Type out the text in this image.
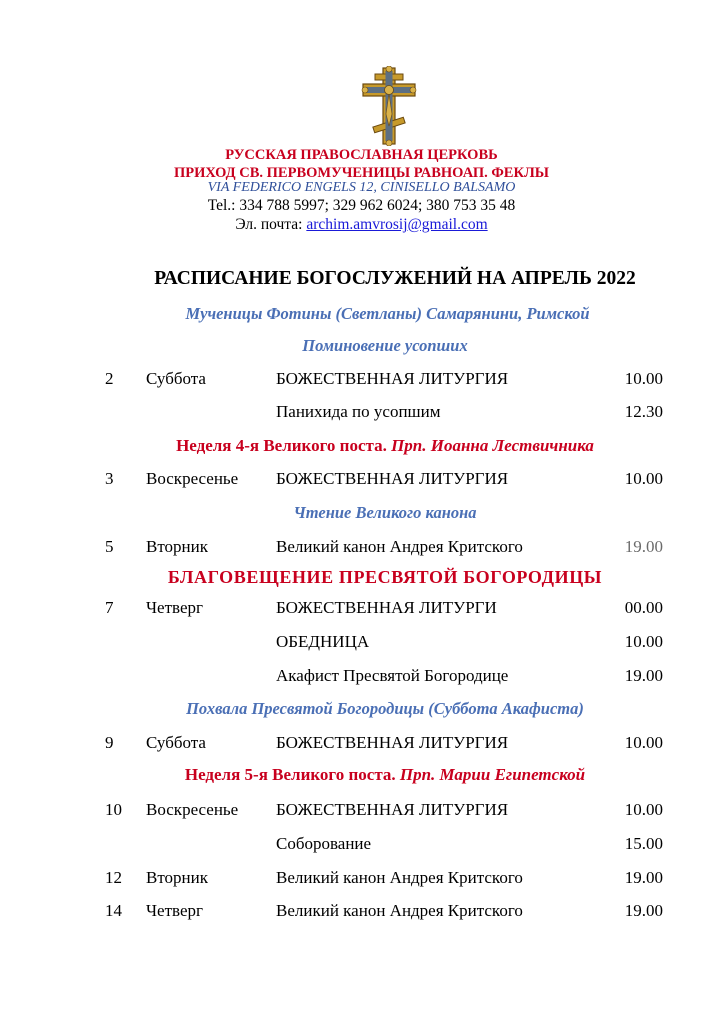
РУССКАЯ ПРАВОСЛАВНАЯ ЦЕРКОВЬ
ПРИХОД СВ. ПЕРВОМУЧЕНИЦЫ РАВНОАП. ФЕКЛЫ
VIA FEDERICO ENGELS 12, CINISELLO BALSAMO
Tel.: 334 788 5997; 329 962 6024; 380 753 35 48
Эл. почта: archim.amvrosij@gmail.com
РАСПИСАНИЕ БОГОСЛУЖЕНИЙ НА АПРЕЛЬ 2022
Мученицы Фотины (Светланы) Самарянини, Римской
Поминовение усопших
Неделя 4-я Великого поста. Прп. Иоанна Лествичника
Чтение Великого канона
БЛАГОВЕЩЕНИЕ ПРЕСВЯТОЙ БОГОРОДИЦЫ
Похвала Пресвятой Богородицы (Суббота Акафиста)
Неделя 5-я Великого поста. Прп. Марии Египетской
2 Суббота	БОЖЕСТВЕННАЯ ЛИТУРГИЯ	10.00
Панихида по усопшим	12.30
3 Воскресенье БОЖЕСТВЕННАЯ ЛИТУРГИЯ	10.00
5 Вторник	Великий канон Андрея Критского	19.00
7 Четверг	БОЖЕСТВЕННАЯ ЛИТУРГИ	00.00
ОБЕДНИЦА	10.00
Акафист Пресвятой Богородице	19.00
9 Суббота	БОЖЕСТВЕННАЯ ЛИТУРГИЯ	10.00
10 Воскресенье БОЖЕСТВЕННАЯ ЛИТУРГИЯ	10.00
Соборование	15.00
12 Вторник	Великий канон Андрея Критского	19.00
14 Четверг	Великий канон Андрея Критского	19.00
